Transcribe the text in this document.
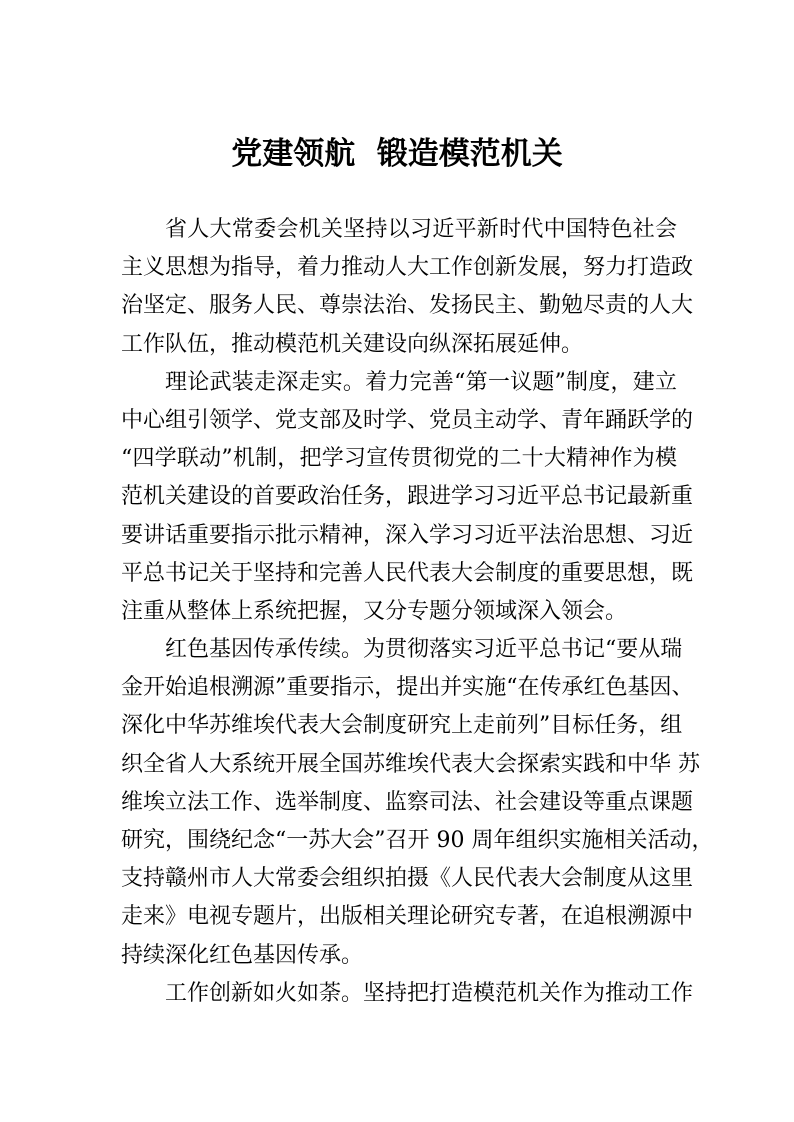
党建领航  锻造模范机关

省人大常委会机关坚持以习近平新时代中国特色社会
主义思想为指导，着力推动人大工作创新发展，努力打造政
治坚定、服务人民、尊崇法治、发扬民主、勤勉尽责的人大
工作队伍，推动模范机关建设向纵深拓展延伸。

理论武装走深走实。着力完善“第一议题”制度，建立
中心组引领学、党支部及时学、党员主动学、青年踊跃学的
“四学联动”机制，把学习宣传贯彻党的二十大精神作为模
范机关建设的首要政治任务，跟进学习习近平总书记最新重
要讲话重要指示批示精神，深入学习习近平法治思想、习近
平总书记关于坚持和完善人民代表大会制度的重要思想，既
注重从整体上系统把握，又分专题分领域深入领会。

红色基因传承传续。为贯彻落实习近平总书记“要从瑞
金开始追根溯源”重要指示，提出并实施“在传承红色基因、
深化中华苏维埃代表大会制度研究上走前列”目标任务，组
织全省人大系统开展全国苏维埃代表大会探索实践和中华 苏
维埃立法工作、选举制度、监察司法、社会建设等重点课题
研究，围绕纪念“一苏大会”召开 90 周年组织实施相关活动，
支持赣州市人大常委会组织拍摄《人民代表大会制度从这里
走来》电视专题片，出版相关理论研究专著，在追根溯源中
持续深化红色基因传承。

工作创新如火如荼。坚持把打造模范机关作为推动工作
